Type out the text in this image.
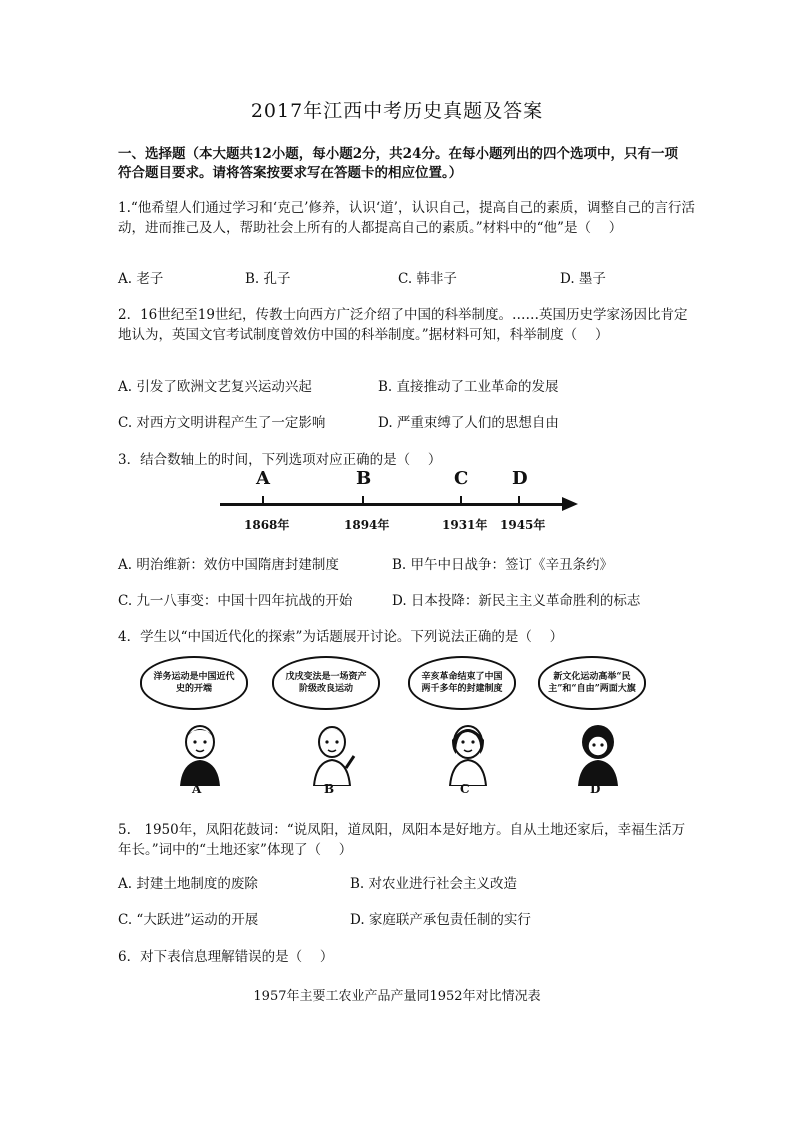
2017年江西中考历史真题及答案
一、选择题（本大题共12小题，每小题2分，共24分。在每小题列出的四个选项中，只有一项符合题目要求。请将答案按要求写在答题卡的相应位置。）
1.“他希望人们通过学习和‘克己’修养，认识‘道’，认识自己，提高自己的素质，调整自己的言行活动，进而推己及人，帮助社会上所有的人都提高自己的素质。”材料中的“他”是（　 ）
A. 老子	B. 孔子	C. 韩非子	D. 墨子
2．16世纪至19世纪，传教士向西方广泛介绍了中国的科举制度。……英国历史学家汤因比肯定地认为，英国文官考试制度曾效仿中国的科举制度。”据材料可知，科举制度（　 ）
A. 引发了欧洲文艺复兴运动兴起	B. 直接推动了工业革命的发展
C. 对西方文明讲程产生了一定影响	D. 严重束缚了人们的思想自由
3．结合数轴上的时间，下列选项对应正确的是（　 ）
A	B	C D
1868年	1894年	1931年 1945年
A. 明治维新：效仿中国隋唐封建制度	B. 甲午中日战争：签订《辛丑条约》
C. 九一八事变：中国十四年抗战的开始	D. 日本投降：新民主主义革命胜利的标志
4．学生以“中国近代化的探索”为话题展开讨论。下列说法正确的是（　 ）
洋务运动是中国近代史的开端
A
戊戌变法是一场资产阶级改良运动
B
辛亥革命结束了中国两千多年的封建制度
C
新文化运动高举“民主”和“自由”两面大旗
D
5.　1950年，凤阳花鼓词：“说凤阳，道凤阳，凤阳本是好地方。自从土地还家后，幸福生活万年长。”词中的“土地还家”体现了（　 ）
A. 封建土地制度的废除	B. 对农业进行社会主义改造
C. “大跃进”运动的开展	D. 家庭联产承包责任制的实行
6．对下表信息理解错误的是（　 ）
1957年主要工农业产品产量同1952年对比情况表
